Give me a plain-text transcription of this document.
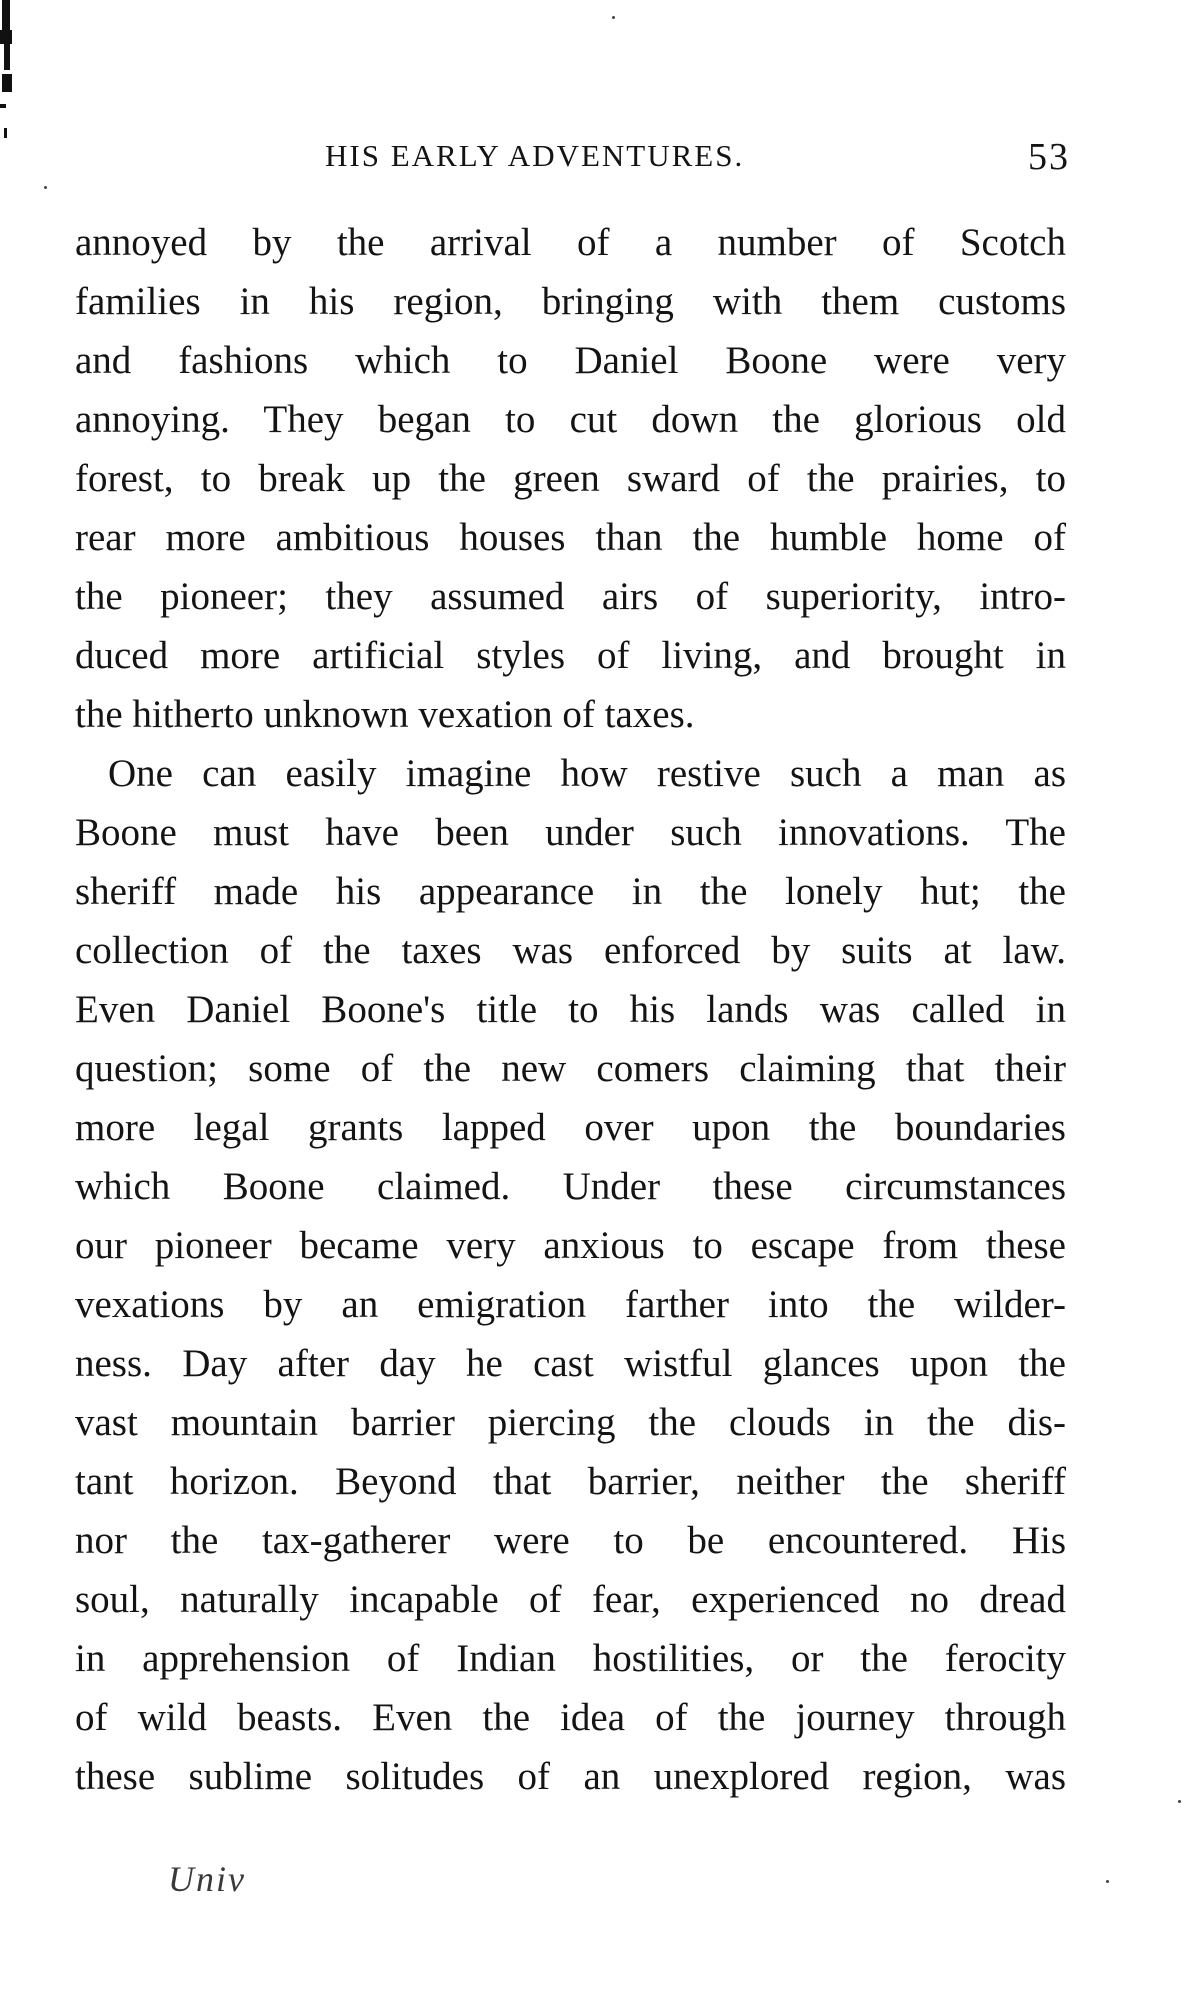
HIS EARLY ADVENTURES.	53
annoyed by the arrival of a number of Scotch
families in his region, bringing with them customs
and fashions which to Daniel Boone were very
annoying. They began to cut down the glorious old
forest, to break up the green sward of the prairies, to
rear more ambitious houses than the humble home of
the pioneer; they assumed airs of superiority, intro-
duced more artificial styles of living, and brought in
the hitherto unknown vexation of taxes.
One can easily imagine how restive such a man as
Boone must have been under such innovations. The
sheriff made his appearance in the lonely hut; the
collection of the taxes was enforced by suits at law.
Even Daniel Boone's title to his lands was called in
question; some of the new comers claiming that their
more legal grants lapped over upon the boundaries
which Boone claimed. Under these circumstances
our pioneer became very anxious to escape from these
vexations by an emigration farther into the wilder-
ness. Day after day he cast wistful glances upon the
vast mountain barrier piercing the clouds in the dis-
tant horizon. Beyond that barrier, neither the sheriff
nor the tax-gatherer were to be encountered. His
soul, naturally incapable of fear, experienced no dread
in apprehension of Indian hostilities, or the ferocity
of wild beasts. Even the idea of the journey through
these sublime solitudes of an unexplored region, was
Univ
